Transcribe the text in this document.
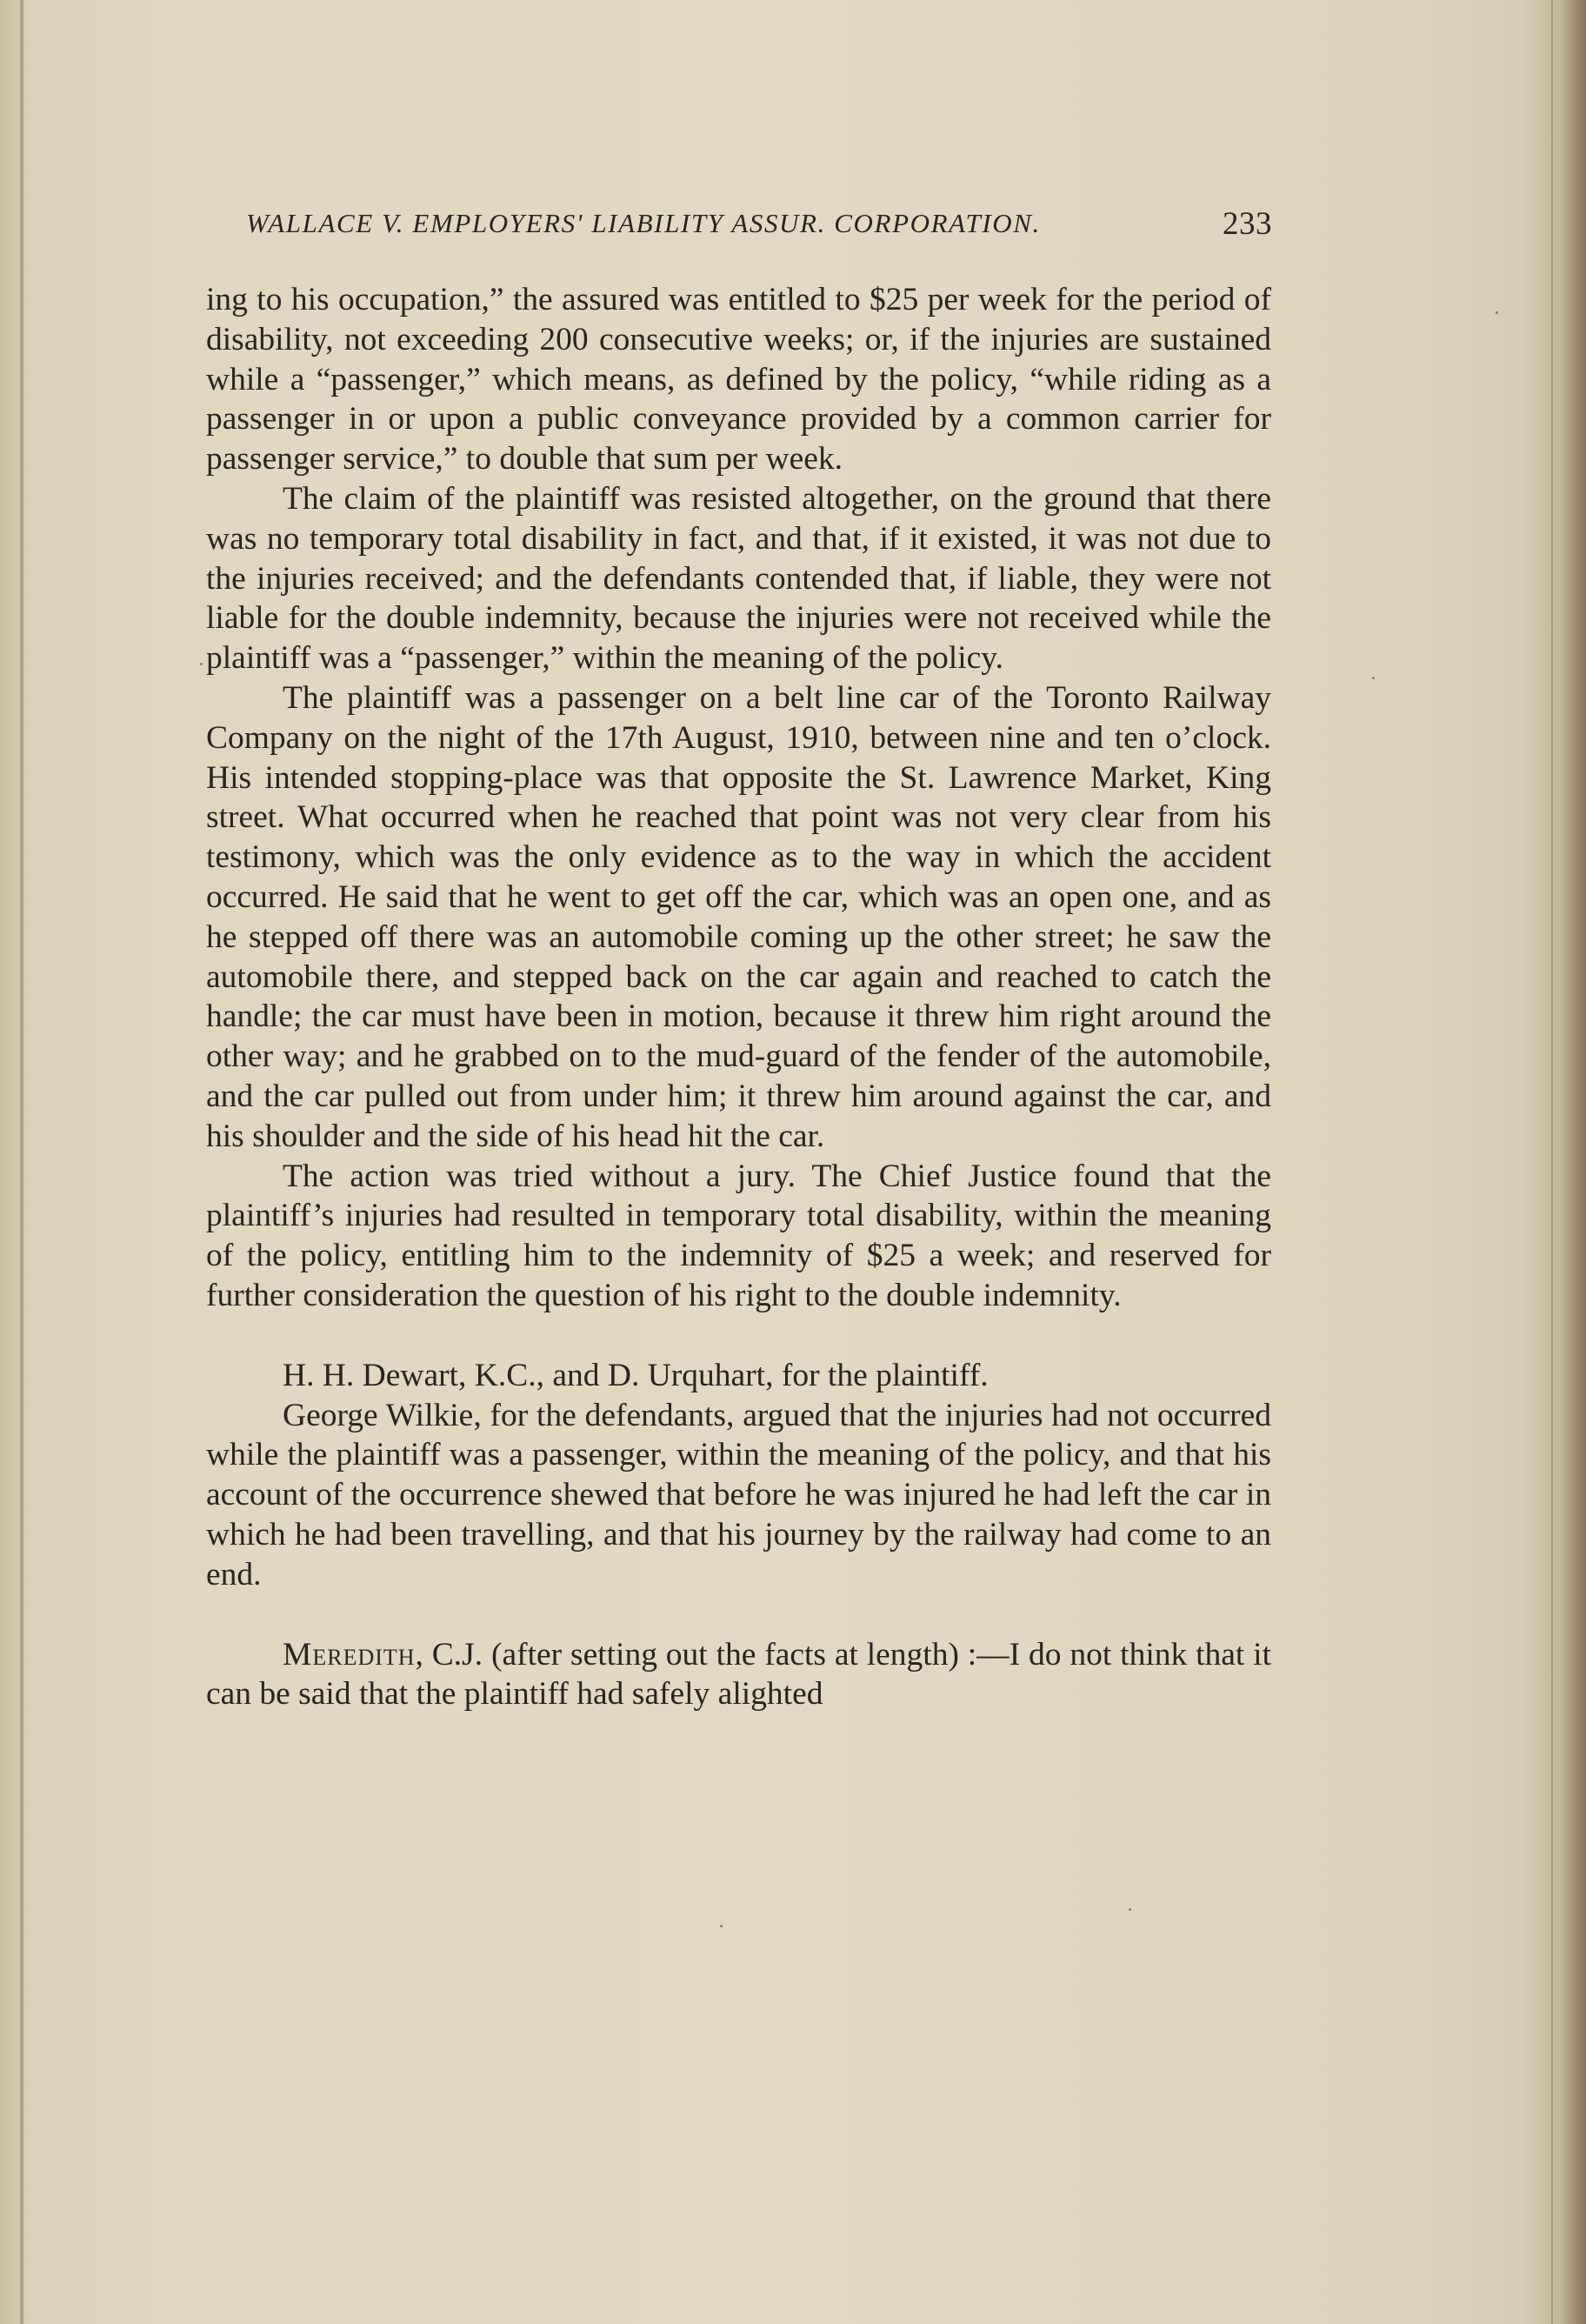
WALLACE V. EMPLOYERS' LIABILITY ASSUR. CORPORATION.	233

ing to his occupation,” the assured was entitled to $25 per week for the period of disability, not exceeding 200 consecutive weeks; or, if the injuries are sustained while a “passenger,” which means, as defined by the policy, “while riding as a passenger in or upon a public conveyance provided by a common carrier for passenger service,” to double that sum per week.

The claim of the plaintiff was resisted altogether, on the ground that there was no temporary total disability in fact, and that, if it existed, it was not due to the injuries received; and the defendants contended that, if liable, they were not liable for the double indemnity, because the injuries were not received while the plaintiff was a “passenger,” within the meaning of the policy.

The plaintiff was a passenger on a belt line car of the Toronto Railway Company on the night of the 17th August, 1910, between nine and ten o’clock. His intended stopping-place was that opposite the St. Lawrence Market, King street. What occurred when he reached that point was not very clear from his testimony, which was the only evidence as to the way in which the accident occurred. He said that he went to get off the car, which was an open one, and as he stepped off there was an automobile coming up the other street; he saw the automobile there, and stepped back on the car again and reached to catch the handle; the car must have been in motion, because it threw him right around the other way; and he grabbed on to the mud-guard of the fender of the automobile, and the car pulled out from under him; it threw him around against the car, and his shoulder and the side of his head hit the car.

The action was tried without a jury. The Chief Justice found that the plaintiff’s injuries had resulted in temporary total disability, within the meaning of the policy, entitling him to the indemnity of $25 a week; and reserved for further consideration the question of his right to the double indemnity.

H. H. Dewart, K.C., and D. Urquhart, for the plaintiff.

George Wilkie, for the defendants, argued that the injuries had not occurred while the plaintiff was a passenger, within the meaning of the policy, and that his account of the occurrence shewed that before he was injured he had left the car in which he had been travelling, and that his journey by the railway had come to an end.

Meredith, C.J. (after setting out the facts at length) :—I do not think that it can be said that the plaintiff had safely alighted
